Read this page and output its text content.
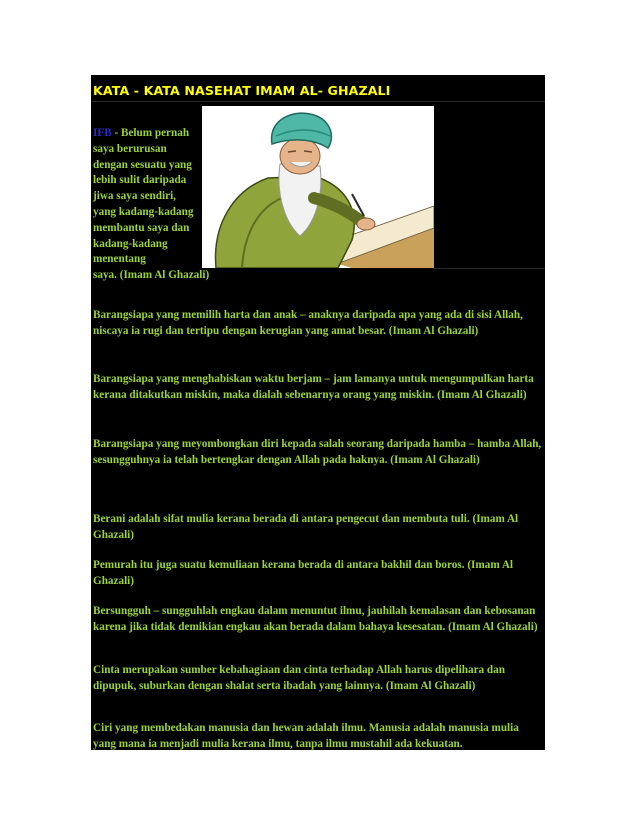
KATA - KATA NASEHAT IMAM AL- GHAZALI
IFB - Belum pernah saya berurusan dengan sesuatu yang lebih sulit daripada jiwa saya sendiri, yang kadang-kadang membantu saya dan kadang-kadang menentang
saya. (Imam Al Ghazali)
Barangsiapa yang memilih harta dan anak – anaknya daripada apa yang ada di sisi Allah, niscaya ia rugi dan tertipu dengan kerugian yang amat besar. (Imam Al Ghazali)
Barangsiapa yang menghabiskan waktu berjam – jam lamanya untuk mengumpulkan harta kerana ditakutkan miskin, maka dialah sebenarnya orang yang miskin. (Imam Al Ghazali)
Barangsiapa yang meyombongkan diri kepada salah seorang daripada hamba – hamba Allah, sesungguhnya ia telah bertengkar dengan Allah pada haknya. (Imam Al Ghazali)
Berani adalah sifat mulia kerana berada di antara pengecut dan membuta tuli. (Imam Al Ghazali)
Pemurah itu juga suatu kemuliaan kerana berada di antara bakhil dan boros. (Imam Al Ghazali)
Bersungguh – sungguhlah engkau dalam menuntut ilmu, jauhilah kemalasan dan kebosanan karena jika tidak demikian engkau akan berada dalam bahaya kesesatan. (Imam Al Ghazali)
Cinta merupakan sumber kebahagiaan dan cinta terhadap Allah harus dipelihara dan dipupuk, suburkan dengan shalat serta ibadah yang lainnya. (Imam Al Ghazali)
Ciri yang membedakan manusia dan hewan adalah ilmu. Manusia adalah manusia mulia yang mana ia menjadi mulia kerana ilmu, tanpa ilmu mustahil ada kekuatan.
